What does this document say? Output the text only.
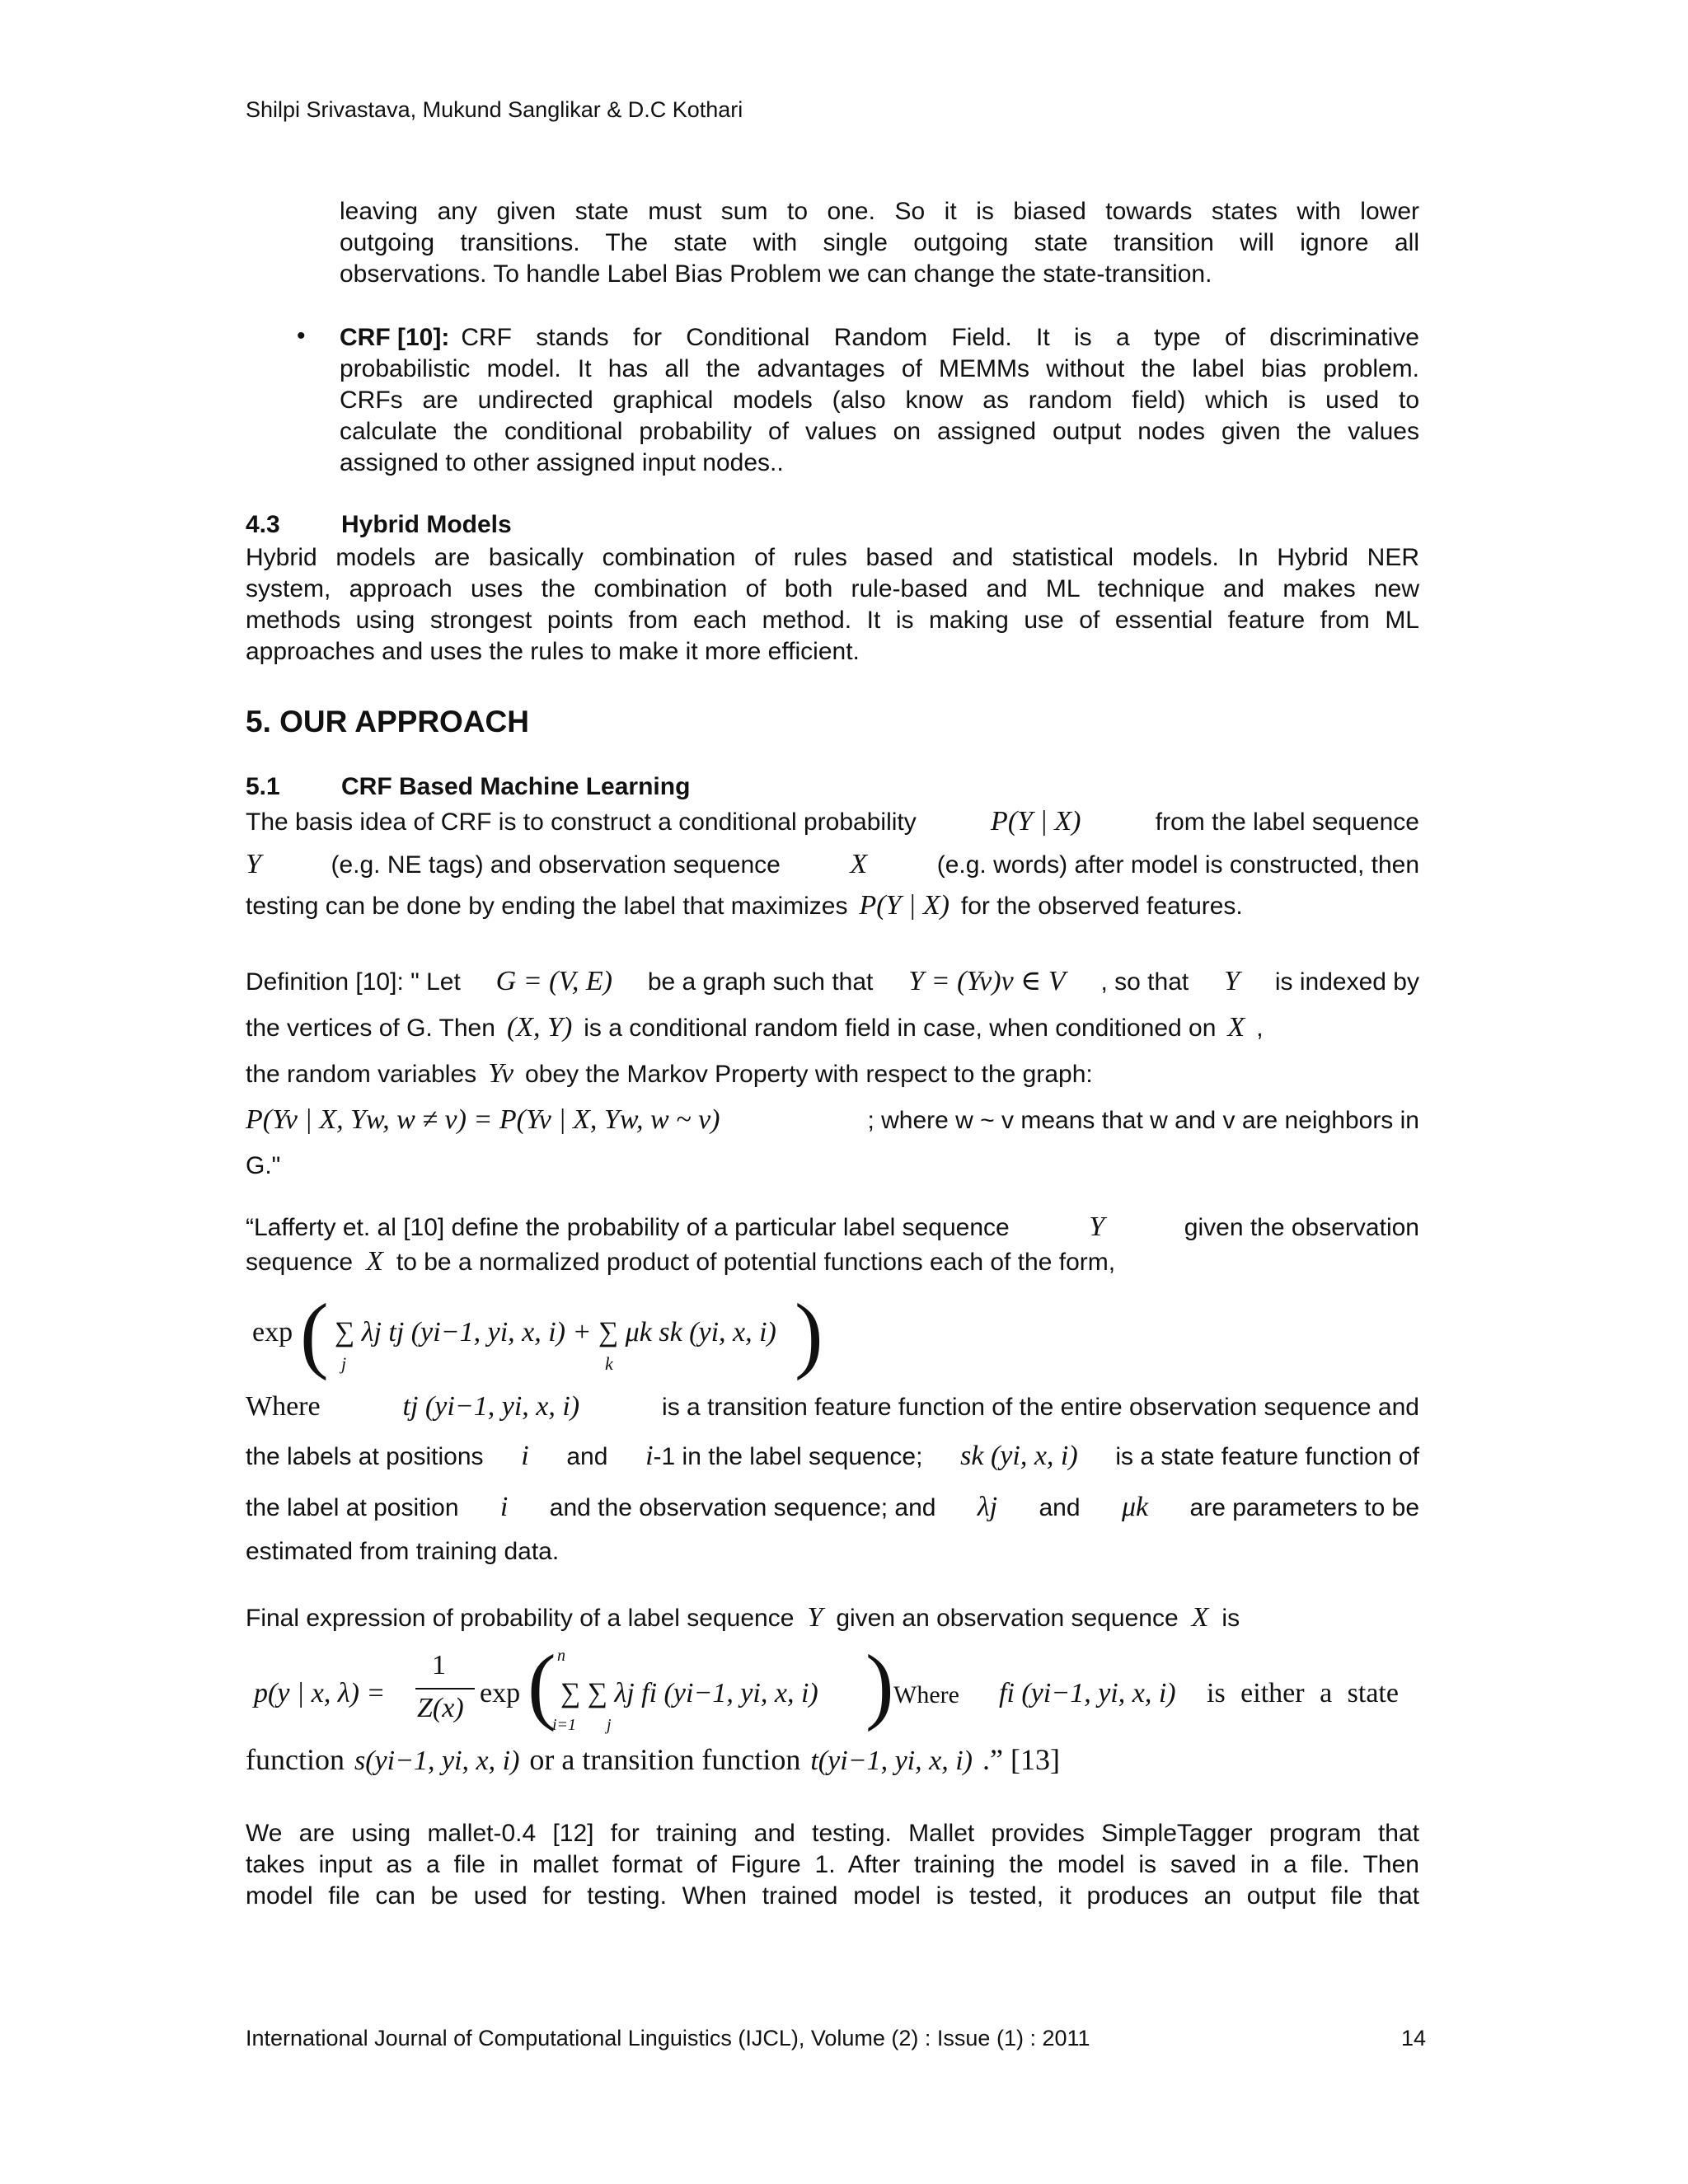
Shilpi Srivastava, Mukund Sanglikar & D.C Kothari

leaving any given state must sum to one. So it is biased towards states with lower

outgoing transitions. The state with single outgoing state transition will ignore all

observations. To handle Label Bias Problem we can change the state-transition.

• CRF [10]: CRF stands for Conditional Random Field. It is a type of discriminative

probabilistic model. It has all the advantages of MEMMs without the label bias problem.

CRFs are undirected graphical models (also know as random field) which is used to

calculate the conditional probability of values on assigned output nodes given the values

assigned to other assigned input nodes..

4.3 Hybrid Models

Hybrid models are basically combination of rules based and statistical models. In Hybrid NER

system, approach uses the combination of both rule-based and ML technique and makes new

methods using strongest points from each method. It is making use of essential feature from ML

approaches and uses the rules to make it more efficient.

5. OUR APPROACH
5.1 CRF Based Machine Learning

The basis idea of CRF is to construct a conditional probability	P(Y | X)	from the label sequence

Y	(e.g. NE tags) and observation sequence X	(e.g. words) after model is constructed, then

testing can be done by ending the label that maximizes P(Y | X) for the observed features.

Definition [10]: " Let G = (V, E) be a graph such that Y = (Yv)v ∈ V , so that Y is indexed by

the vertices of G. Then (X, Y) is a conditional random field in case, when conditioned on X ,

the random variables Yv obey the Markov Property with respect to the graph:

P(Yv | X, Yw, w ≠ v) = P(Yv | X, Yw, w ~ v)	; where w ~ v means that w and v are neighbors in

G."

“Lafferty et. al [10] define the probability of a particular label sequence	Y	given the observation

sequence X to be a normalized product of potential functions each of the form,

exp ( ∑ λj tj (yi−1, yi, x, i) + ∑ μk sk (yi, x, i)
j	k )

Where	tj (yi−1, yi, x, i)	is a transition feature function of the entire observation sequence and

the labels at positions i and i-1 in the label sequence; sk (yi, x, i) is a state feature function of

the label at position i and the observation sequence; and λj and μk are parameters to be

estimated from training data.

Final expression of probability of a label sequence Y given an observation sequence X is

p(y | x, λ) =
1
Z(x) exp ( n
∑ ∑ λj fi (yi−1, yi, x, i)
i=1 j	) Where fi (yi−1, yi, x, i) is either a state

function s(yi−1, yi, x, i) or a transition function t(yi−1, yi, x, i) .” [13]

We are using mallet-0.4 [12] for training and testing. Mallet provides SimpleTagger program that

takes input as a file in mallet format of Figure 1. After training the model is saved in a file. Then

model file can be used for testing. When trained model is tested, it produces an output file that

International Journal of Computational Linguistics (IJCL), Volume (2) : Issue (1) : 2011	14
